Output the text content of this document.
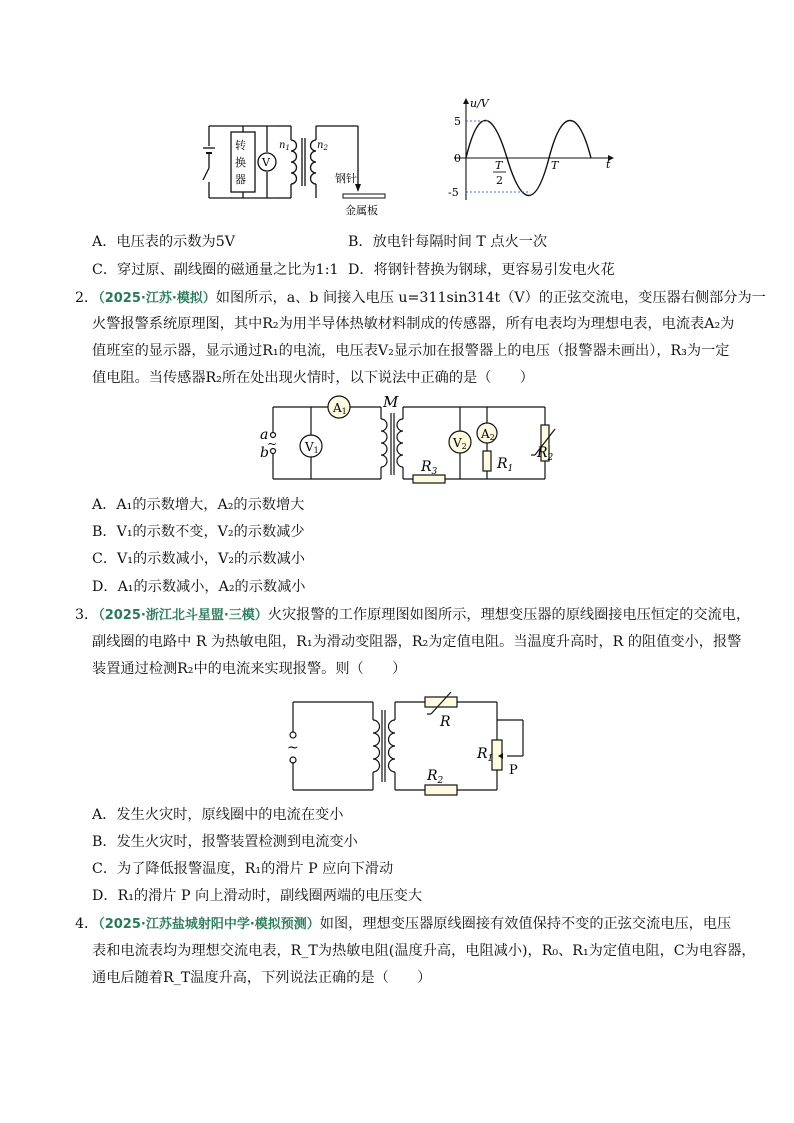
转
换
器
V
$n_1$	$n_2$
钢针
金属板
u/V
5
0
-5
t
T
2
T
A．电压表的示数为5V	B．放电针每隔时间 T 点火一次
C．穿过原、副线圈的磁通量之比为1:1 D．将钢针替换为钢球，更容易引发电火花
2．（2025·江苏·模拟）如图所示，a、b 间接入电压 u=311sin314t（V）的正弦交流电，变压器右侧部分为一
火警报警系统原理图，其中R₂为用半导体热敏材料制成的传感器，所有电表均为理想电表，电流表A₂为
值班室的显示器，显示通过R₁的电流，电压表V₂显示加在报警器上的电压（报警器未画出），R₃为一定
值电阻。当传感器R₂所在处出现火情时，以下说法中正确的是（　　）
a
~
b
M
A1
V1
V2
A2
$R_1$
$R_2$
$R_3$
A．A₁的示数增大，A₂的示数增大
B．V₁的示数不变，V₂的示数减少
C．V₁的示数减小，V₂的示数减小
D．A₁的示数减小，A₂的示数减小
3．（2025·浙江北斗星盟·三模）火灾报警的工作原理图如图所示，理想变压器的原线圈接电压恒定的交流电，
副线圈的电路中 R 为热敏电阻，R₁为滑动变阻器，R₂为定值电阻。当温度升高时，R 的阻值变小，报警
装置通过检测R₂中的电流来实现报警。则（　　）
~
R
$R_1$
P
$R_2$
A．发生火灾时，原线圈中的电流在变小
B．发生火灾时，报警装置检测到电流变小
C．为了降低报警温度，R₁的滑片 P 应向下滑动
D．R₁的滑片 P 向上滑动时，副线圈两端的电压变大
4．（2025·江苏盐城射阳中学·模拟预测）如图，理想变压器原线圈接有效值保持不变的正弦交流电压，电压
表和电流表均为理想交流电表，R_T为热敏电阻(温度升高，电阻减小)，R₀、R₁为定值电阻，C为电容器，
通电后随着R_T温度升高，下列说法正确的是（　　）
